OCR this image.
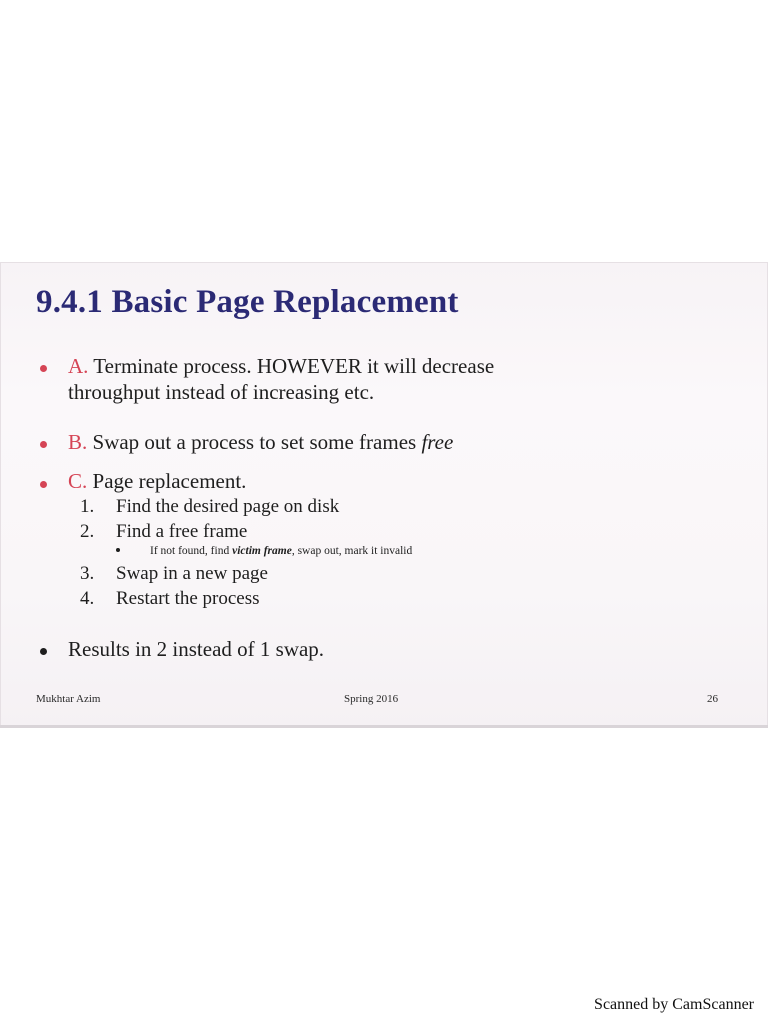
9.4.1 Basic Page Replacement
A. Terminate process. HOWEVER it will decrease
throughput instead of increasing etc.
B. Swap out a process to set some frames free
C. Page replacement.
1. Find the desired page on disk
2. Find a free frame
If not found, find victim frame, swap out, mark it invalid
3. Swap in a new page
4. Restart the process
Results in 2 instead of 1 swap.
Mukhtar Azim	Spring 2016	26
Scanned by CamScanner
